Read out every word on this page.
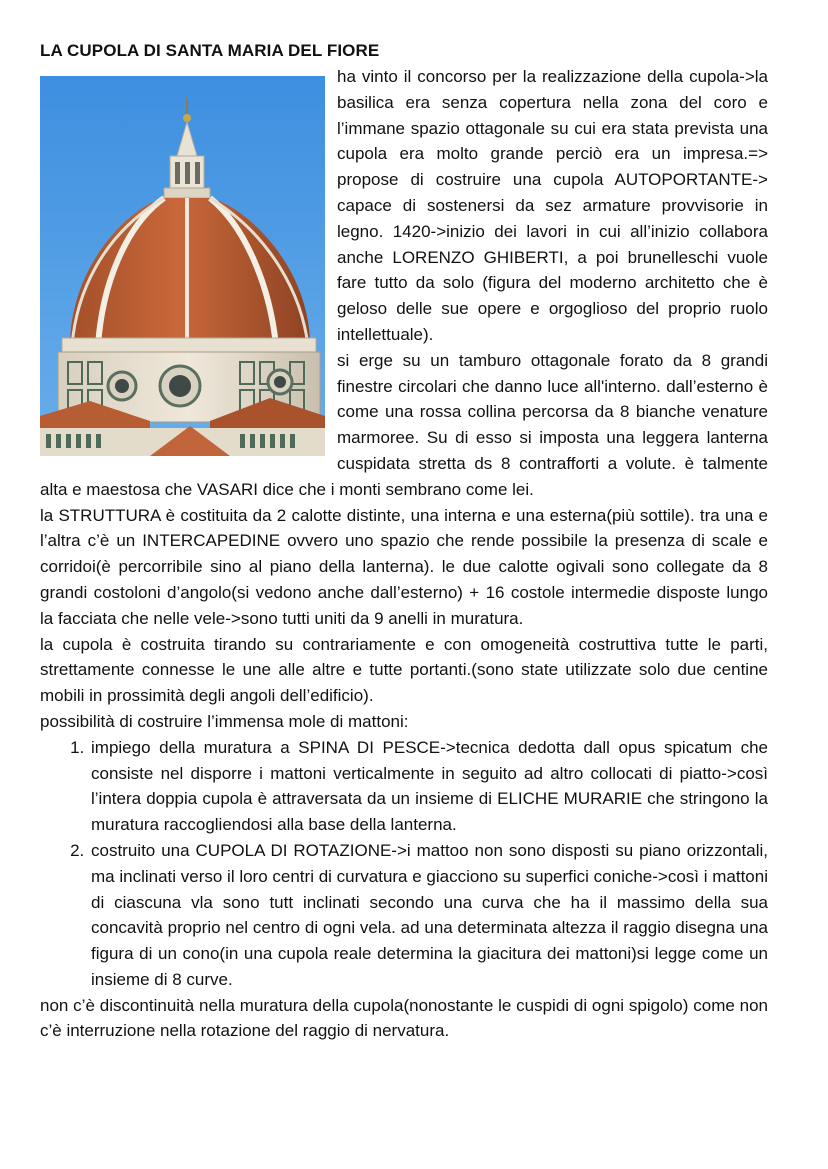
LA CUPOLA DI SANTA MARIA DEL FIORE

ha vinto il concorso per la realizzazione della cupola->la basilica era senza copertura nella zona del coro e l’immane spazio ottagonale su cui era stata prevista una cupola era molto grande perciò era un impresa.=> propose di costruire una cupola AUTOPORTANTE-> capace di sostenersi da sez armature provvisorie in legno. 1420->inizio dei lavori in cui all’inizio collabora anche LORENZO GHIBERTI, a poi brunelleschi vuole fare tutto da solo (figura del moderno architetto che è geloso delle sue opere e orgoglioso del proprio ruolo intellettuale).

si erge su un tamburo ottagonale forato da 8 grandi finestre circolari che danno luce all'interno. dall’esterno è come una rossa collina percorsa da 8 bianche venature marmoree. Su di esso si imposta una leggera lanterna cuspidata stretta ds 8 contrafforti a volute. è talmente alta e maestosa che VASARI dice che i monti sembrano come lei.

la STRUTTURA è costituita da 2 calotte distinte, una interna e una esterna(più sottile). tra una e l’altra c’è un INTERCAPEDINE ovvero uno spazio che rende possibile la presenza di scale e corridoi(è percorribile sino al piano della lanterna). le due calotte ogivali sono collegate da 8 grandi costoloni d’angolo(si vedono anche dall’esterno) + 16 costole intermedie disposte lungo la facciata che nelle vele->sono tutti uniti da 9 anelli in muratura.

la cupola è costruita tirando su contrariamente e con omogeneità costruttiva tutte le parti, strettamente connesse le une alle altre e tutte portanti.(sono state utilizzate solo due centine mobili in prossimità degli angoli dell’edificio).

possibilità di costruire l’immensa mole di mattoni:

1. impiego della muratura a SPINA DI PESCE->tecnica dedotta dall opus spicatum che consiste nel disporre i mattoni verticalmente in seguito ad altro collocati di piatto->così l’intera doppia cupola è attraversata da un insieme di ELICHE MURARIE che stringono la muratura raccogliendosi alla base della lanterna.
2. costruito una CUPOLA DI ROTAZIONE->i mattoo non sono disposti su piano orizzontali, ma inclinati verso il loro centri di curvatura e giacciono su superfici coniche->così i mattoni di ciascuna vla sono tutt inclinati secondo una curva che ha il massimo della sua concavità proprio nel centro di ogni vela. ad una determinata altezza il raggio disegna una figura di un cono(in una cupola reale determina la giacitura dei mattoni)si legge come un insieme di 8 curve.

non c’è discontinuità nella muratura della cupola(nonostante le cuspidi di ogni spigolo) come non c’è interruzione nella rotazione del raggio di nervatura.
